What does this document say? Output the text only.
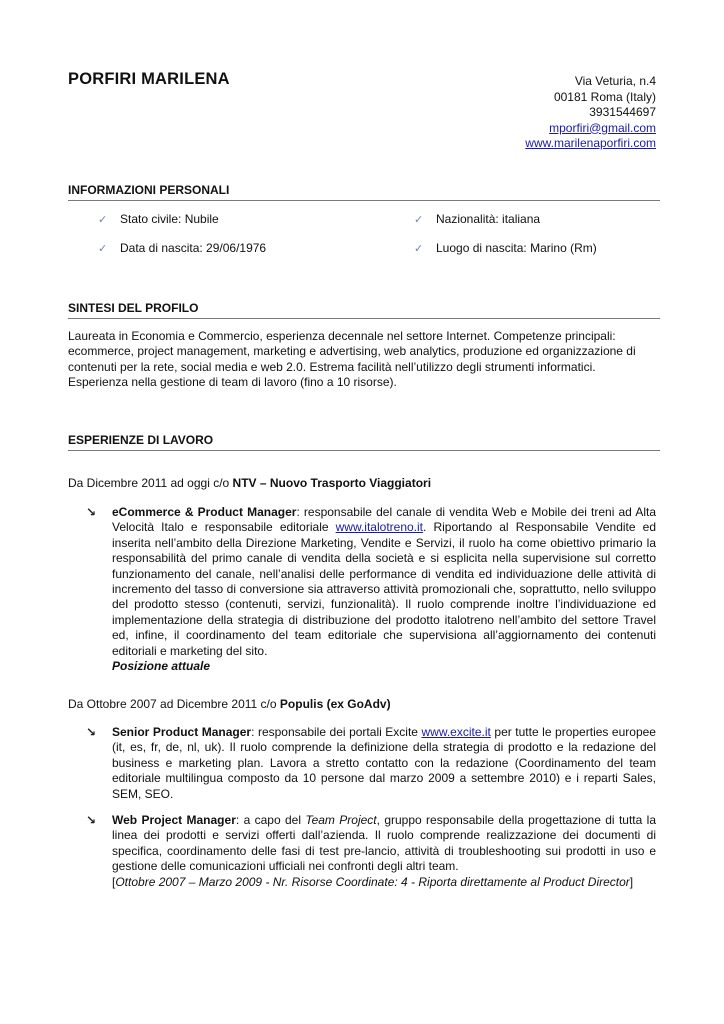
PORFIRI MARILENA	Via Veturia, n.4
00181 Roma (Italy)
3931544697
mporfiri@gmail.com
www.marilenaporfiri.com
INFORMAZIONI PERSONALI
✓	Stato civile: Nubile	✓	Nazionalità: italiana
✓	Data di nascita: 29/06/1976	✓	Luogo di nascita: Marino (Rm)
SINTESI DEL PROFILO
Laureata in Economia e Commercio, esperienza decennale nel settore Internet. Competenze principali: ecommerce, project management, marketing e advertising, web analytics, produzione ed organizzazione di contenuti per la rete, social media e web 2.0. Estrema facilità nell’utilizzo degli strumenti informatici. Esperienza nella gestione di team di lavoro (fino a 10 risorse).
ESPERIENZE DI LAVORO
Da Dicembre 2011 ad oggi c/o NTV – Nuovo Trasporto Viaggiatori
↘ eCommerce & Product Manager: responsabile del canale di vendita Web e Mobile dei treni ad Alta Velocità Italo e responsabile editoriale www.italotreno.it. Riportando al Responsabile Vendite ed inserita nell’ambito della Direzione Marketing, Vendite e Servizi, il ruolo ha come obiettivo primario la responsabilità del primo canale di vendita della società e si esplicita nella supervisione sul corretto funzionamento del canale, nell’analisi delle performance di vendita ed individuazione delle attività di incremento del tasso di conversione sia attraverso attività promozionali che, soprattutto, nello sviluppo del prodotto stesso (contenuti, servizi, funzionalità). Il ruolo comprende inoltre l’individuazione ed implementazione della strategia di distribuzione del prodotto italotreno nell’ambito del settore Travel ed, infine, il coordinamento del team editoriale che supervisiona all’aggiornamento dei contenuti editoriali e marketing del sito.
Posizione attuale
Da Ottobre 2007 ad Dicembre 2011 c/o Populis (ex GoAdv)
↘ Senior Product Manager: responsabile dei portali Excite www.excite.it per tutte le properties europee (it, es, fr, de, nl, uk). Il ruolo comprende la definizione della strategia di prodotto e la redazione del business e marketing plan. Lavora a stretto contatto con la redazione (Coordinamento del team editoriale multilingua composto da 10 persone dal marzo 2009 a settembre 2010) e i reparti Sales, SEM, SEO.
↘ Web Project Manager: a capo del Team Project, gruppo responsabile della progettazione di tutta la linea dei prodotti e servizi offerti dall’azienda. Il ruolo comprende realizzazione dei documenti di specifica, coordinamento delle fasi di test pre-lancio, attività di troubleshooting sui prodotti in uso e gestione delle comunicazioni ufficiali nei confronti degli altri team.
[Ottobre 2007 – Marzo 2009 - Nr. Risorse Coordinate: 4 - Riporta direttamente al Product Director]
